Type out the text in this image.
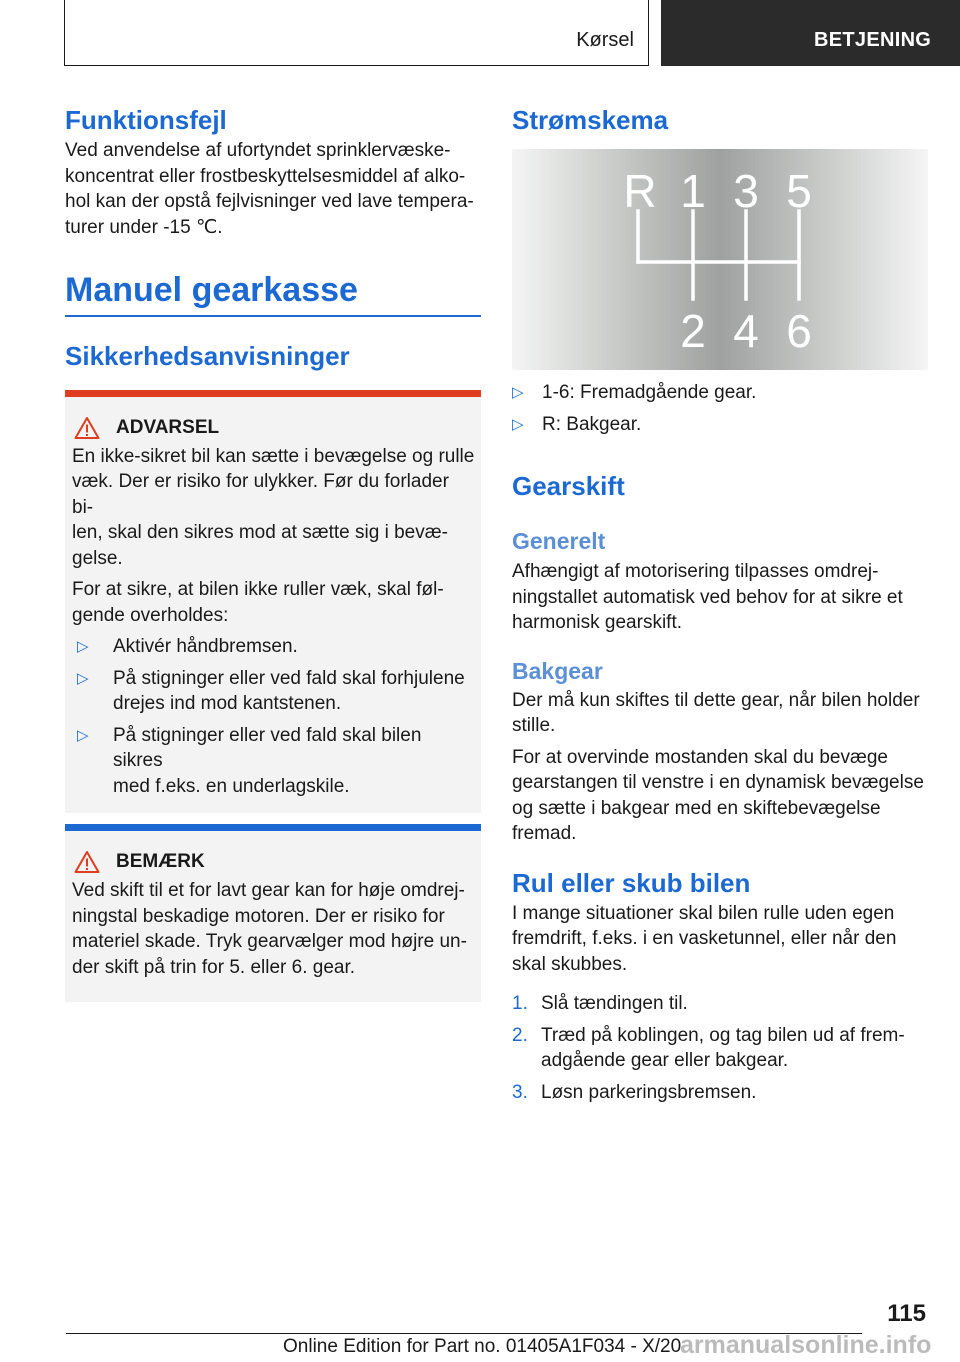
Kørsel	BETJENING
Funktionsfejl
Ved anvendelse af ufortyndet sprinklervæske-
koncentrat eller frostbeskyttelsesmiddel af alko-
hol kan der opstå fejlvisninger ved lave tempera-
turer under -15 ℃.
Manuel gearkasse
Sikkerhedsanvisninger
ADVARSEL
En ikke-sikret bil kan sætte i bevægelse og rulle
væk. Der er risiko for ulykker. Før du forlader bi-
len, skal den sikres mod at sætte sig i bevæ-
gelse.
For at sikre, at bilen ikke ruller væk, skal føl-
gende overholdes:
▷	Aktivér håndbremsen.
▷	På stigninger eller ved fald skal forhjulene
drejes ind mod kantstenen.
▷	På stigninger eller ved fald skal bilen sikres
med f.eks. en underlagskile.
BEMÆRK
Ved skift til et for lavt gear kan for høje omdrej-
ningstal beskadige motoren. Der er risiko for
materiel skade. Tryk gearvælger mod højre un-
der skift på trin for 5. eller 6. gear.
Strømskema
R 1 3 5
2 4 6
▷ 1-6: Fremadgående gear.
▷ R: Bakgear.
Gearskift
Generelt
Afhængigt af motorisering tilpasses omdrej-
ningstallet automatisk ved behov for at sikre et
harmonisk gearskift.
Bakgear
Der må kun skiftes til dette gear, når bilen holder
stille.
For at overvinde mostanden skal du bevæge
gearstangen til venstre i en dynamisk bevægelse
og sætte i bakgear med en skiftebevægelse
fremad.
Rul eller skub bilen
I mange situationer skal bilen rulle uden egen
fremdrift, f.eks. i en vasketunnel, eller når den
skal skubbes.
1. Slå tændingen til.
2. Træd på koblingen, og tag bilen ud af frem-
adgående gear eller bakgear.
3. Løsn parkeringsbremsen.
115
Online Edition for Part no. 01405A1F034 - X/20
armanualsonline.info
